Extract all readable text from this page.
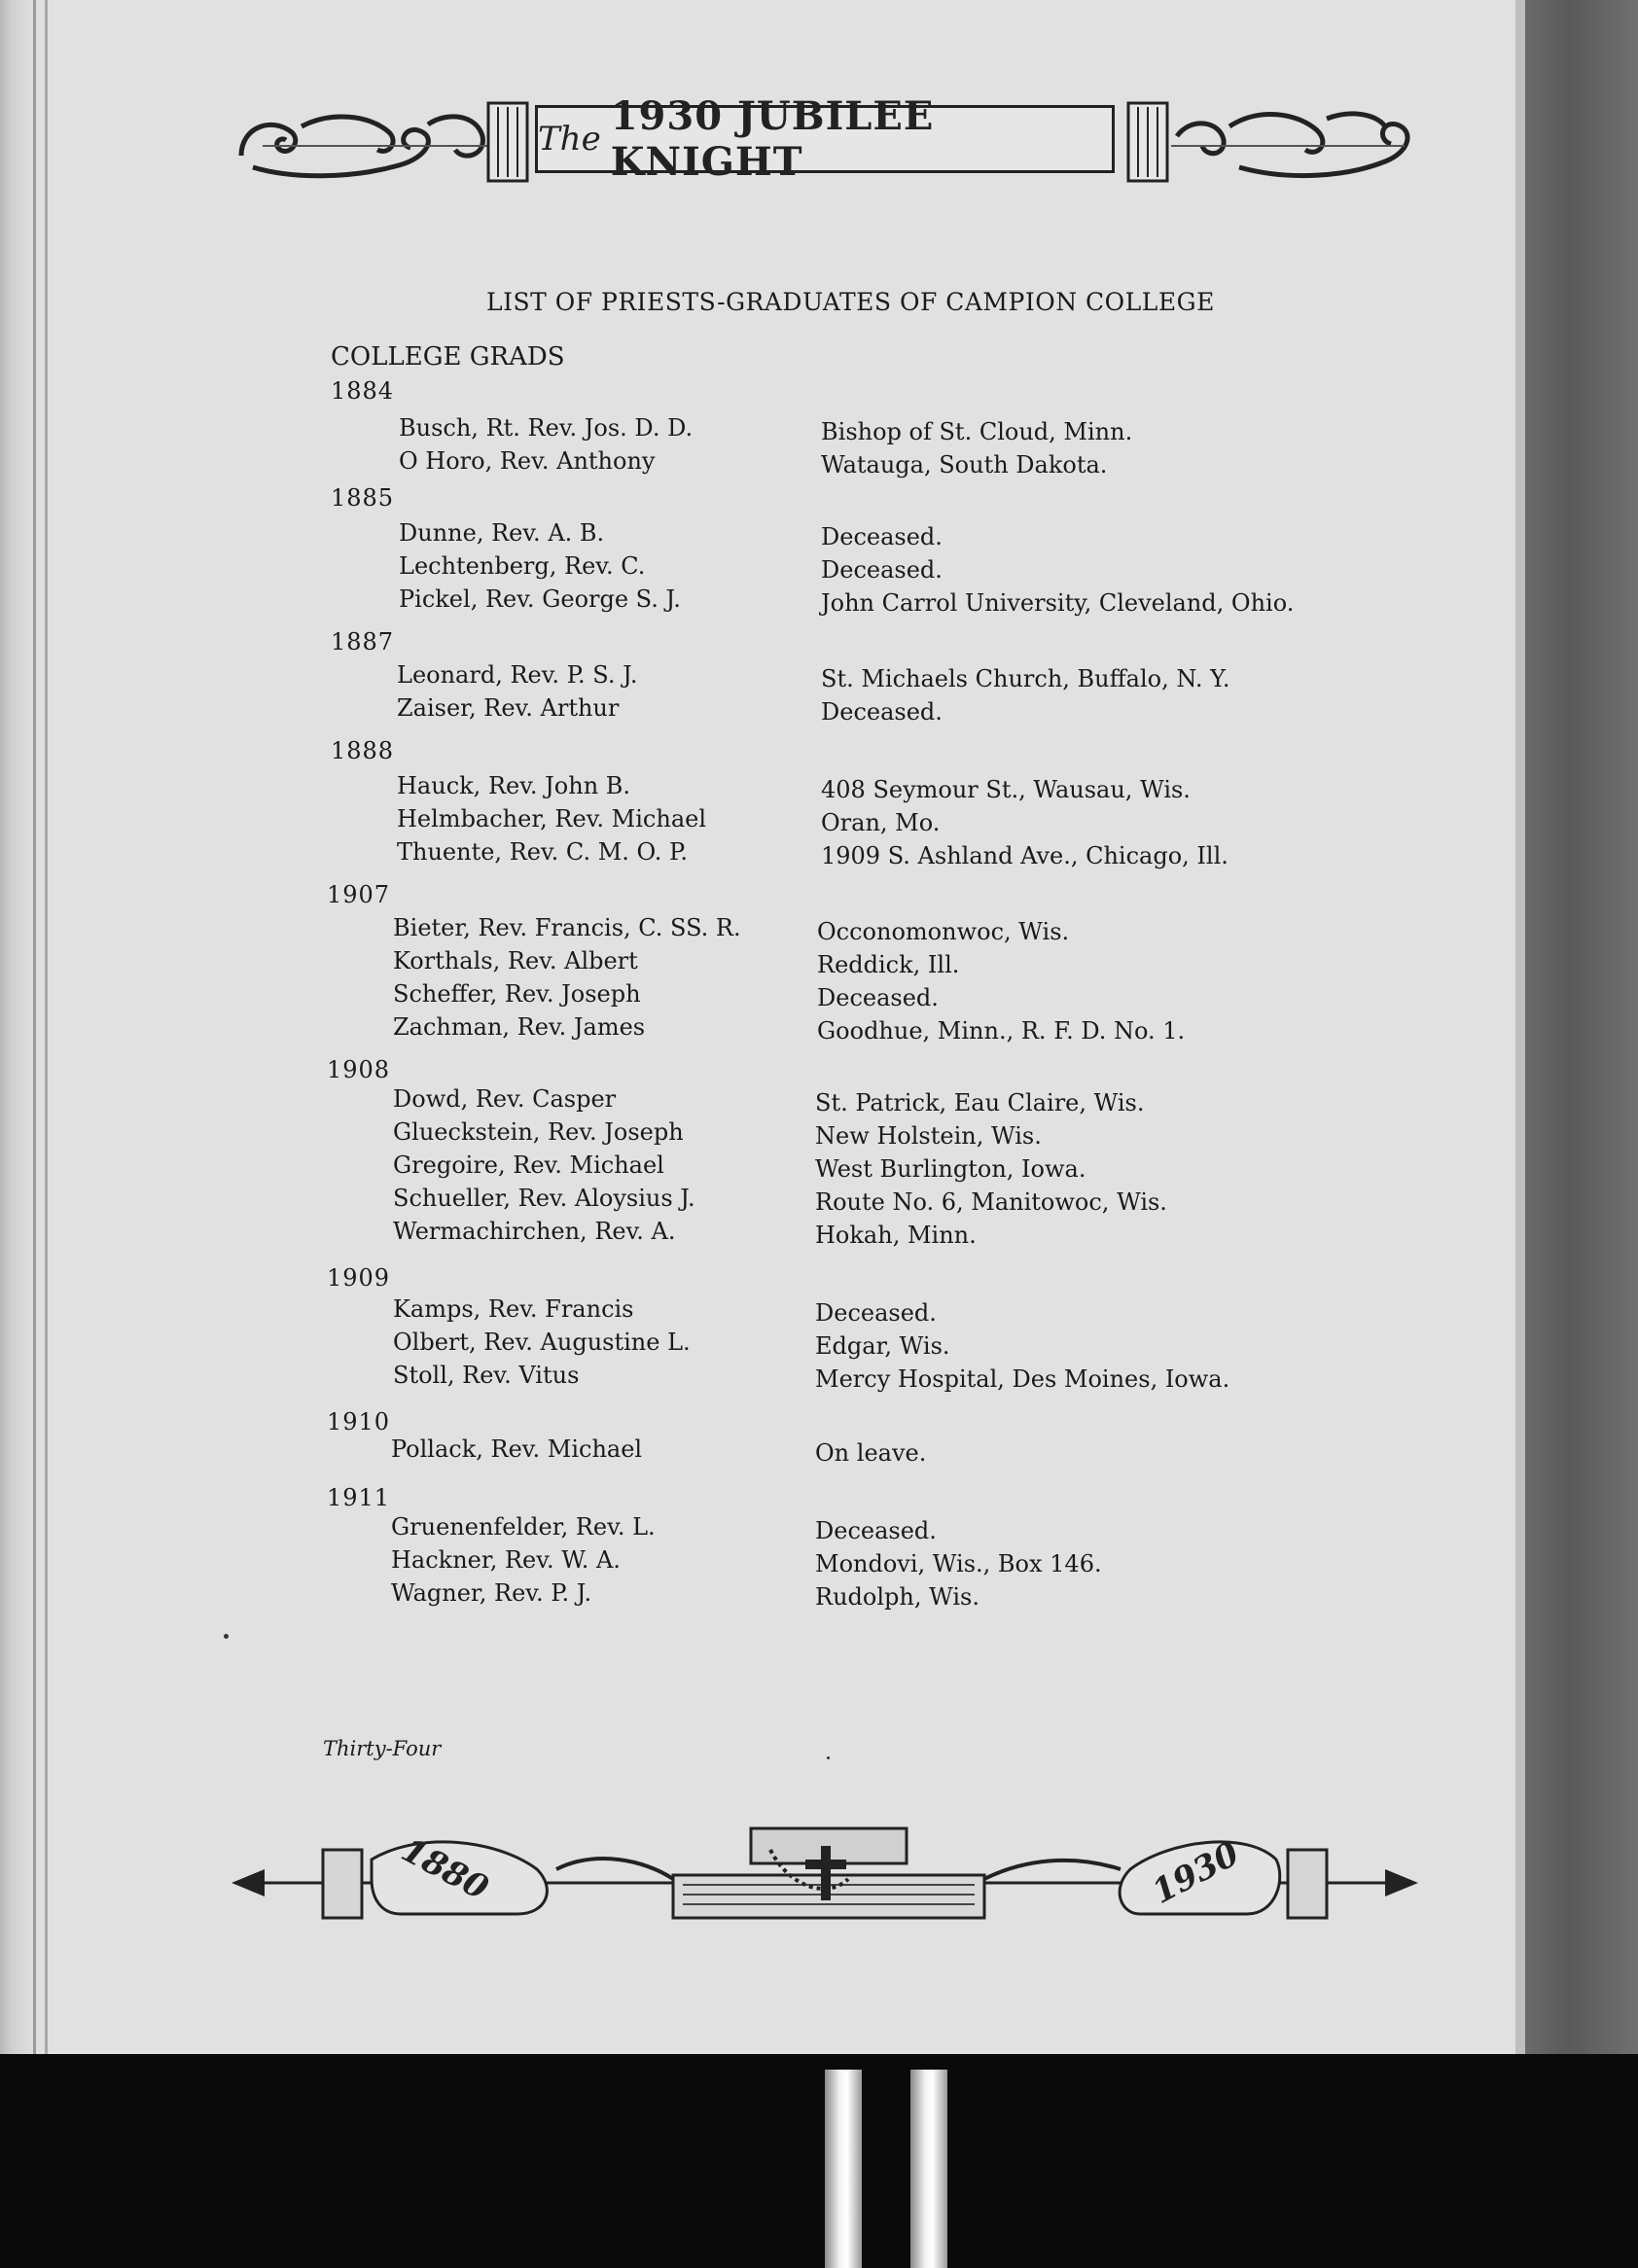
The 1930 JUBILEE KNIGHT
LIST OF PRIESTS-GRADUATES OF CAMPION COLLEGE
COLLEGE GRADS
1884
Busch, Rt. Rev. Jos. D. D.	Bishop of St. Cloud, Minn.
O Horo, Rev. Anthony	Watauga, South Dakota.
1885
Dunne, Rev. A. B.	Deceased.
Lechtenberg, Rev. C.	Deceased.
Pickel, Rev. George S. J.	John Carrol University, Cleveland, Ohio.
1887
Leonard, Rev. P. S. J.	St. Michaels Church, Buffalo, N. Y.
Zaiser, Rev. Arthur	Deceased.
1888
Hauck, Rev. John B.	408 Seymour St., Wausau, Wis.
Helmbacher, Rev. Michael	Oran, Mo.
Thuente, Rev. C. M. O. P.	1909 S. Ashland Ave., Chicago, Ill.
1907
Bieter, Rev. Francis, C. SS. R.	Occonomonwoc, Wis.
Korthals, Rev. Albert	Reddick, Ill.
Scheffer, Rev. Joseph	Deceased.
Zachman, Rev. James	Goodhue, Minn., R. F. D. No. 1.
1908
Dowd, Rev. Casper	St. Patrick, Eau Claire, Wis.
Glueckstein, Rev. Joseph	New Holstein, Wis.
Gregoire, Rev. Michael	West Burlington, Iowa.
Schueller, Rev. Aloysius J.	Route No. 6, Manitowoc, Wis.
Wermachirchen, Rev. A.	Hokah, Minn.
1909
Kamps, Rev. Francis	Deceased.
Olbert, Rev. Augustine L.	Edgar, Wis.
Stoll, Rev. Vitus	Mercy Hospital, Des Moines, Iowa.
1910
Pollack, Rev. Michael	On leave.
1911
Gruenenfelder, Rev. L.	Deceased.
Hackner, Rev. W. A.	Mondovi, Wis., Box 146.
Wagner, Rev. P. J.	Rudolph, Wis.
Thirty-Four
1880	1930
